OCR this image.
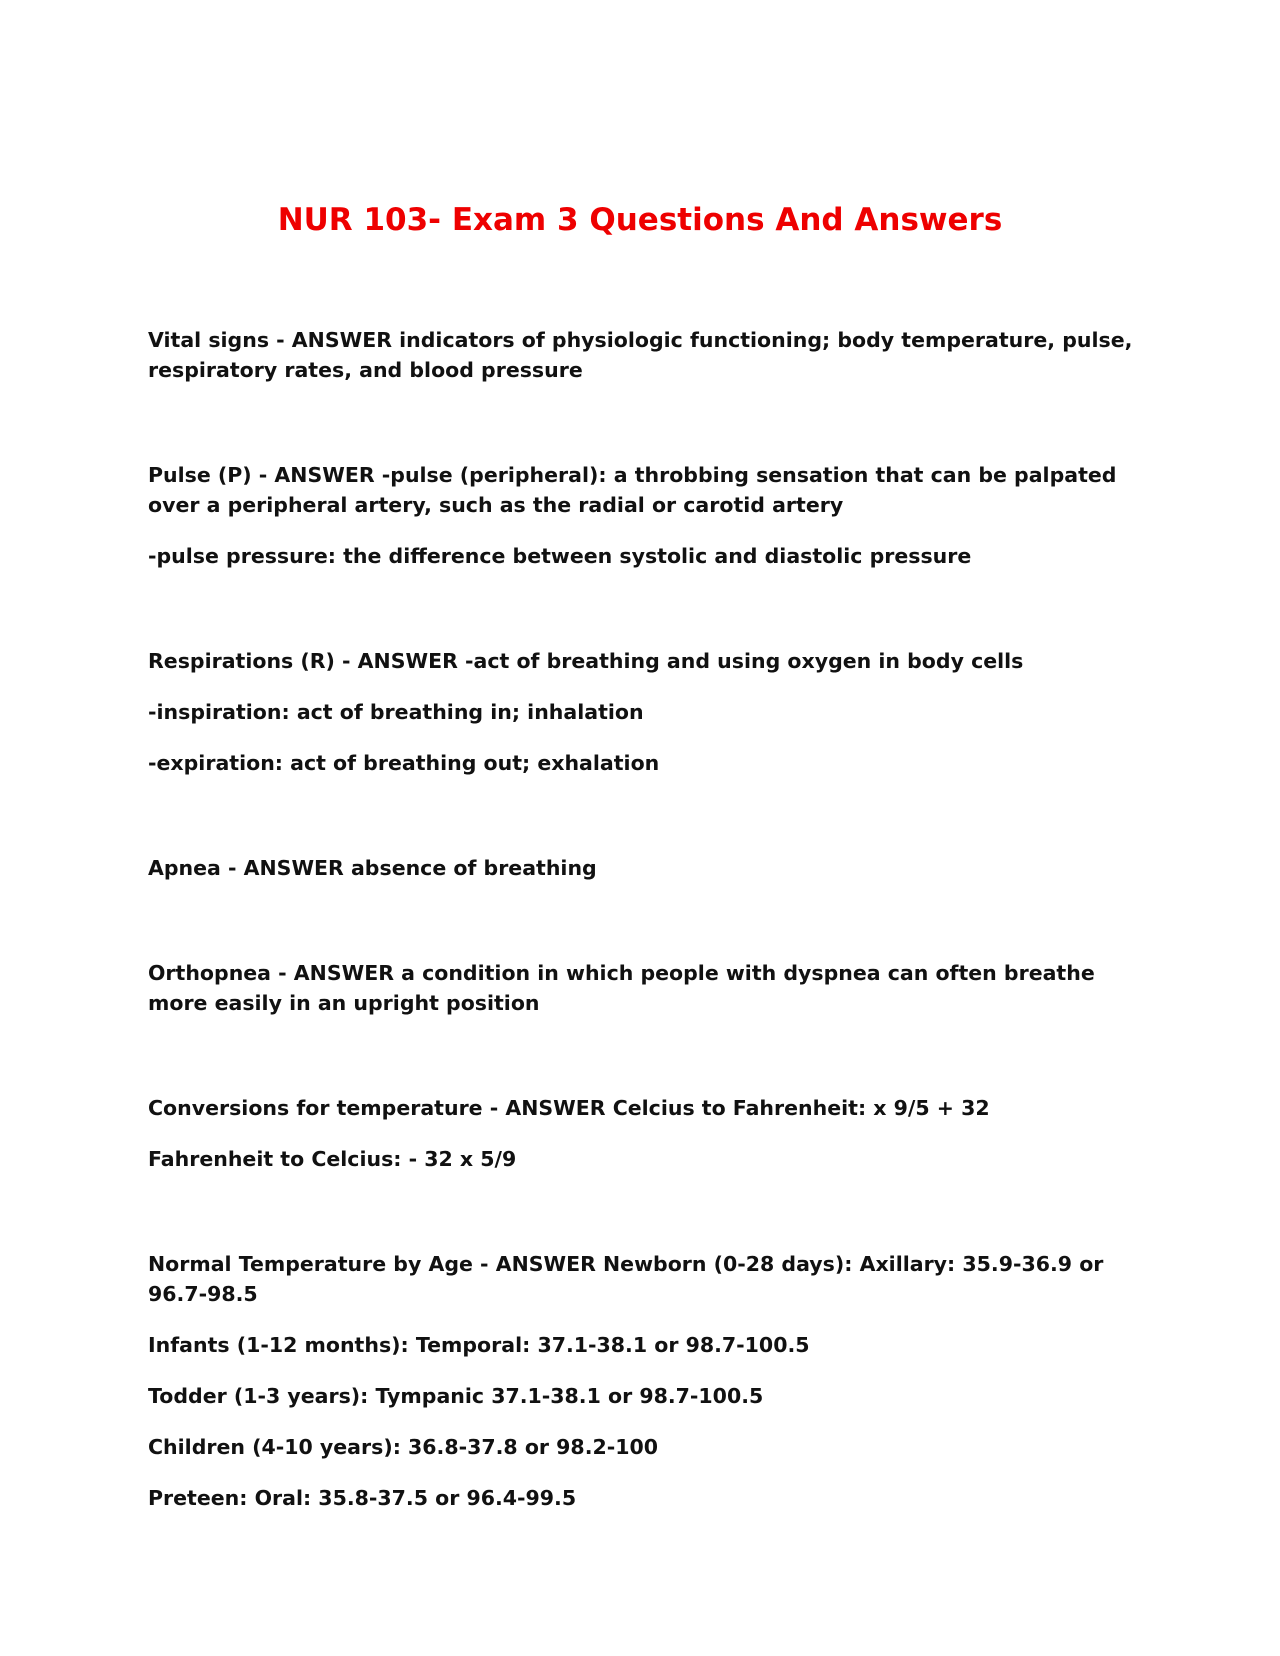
NUR 103- Exam 3 Questions And Answers

Vital signs - ANSWER indicators of physiologic functioning; body temperature, pulse, respiratory rates, and blood pressure

Pulse (P) - ANSWER -pulse (peripheral): a throbbing sensation that can be palpated over a peripheral artery, such as the radial or carotid artery

-pulse pressure: the difference between systolic and diastolic pressure

Respirations (R) - ANSWER -act of breathing and using oxygen in body cells

-inspiration: act of breathing in; inhalation

-expiration: act of breathing out; exhalation

Apnea - ANSWER absence of breathing

Orthopnea - ANSWER a condition in which people with dyspnea can often breathe more easily in an upright position

Conversions for temperature - ANSWER Celcius to Fahrenheit: x 9/5 + 32

Fahrenheit to Celcius: - 32 x 5/9

Normal Temperature by Age - ANSWER Newborn (0-28 days): Axillary: 35.9-36.9 or 96.7-98.5

Infants (1-12 months): Temporal: 37.1-38.1 or 98.7-100.5

Todder (1-3 years): Tympanic 37.1-38.1 or 98.7-100.5

Children (4-10 years): 36.8-37.8 or 98.2-100

Preteen: Oral: 35.8-37.5 or 96.4-99.5
